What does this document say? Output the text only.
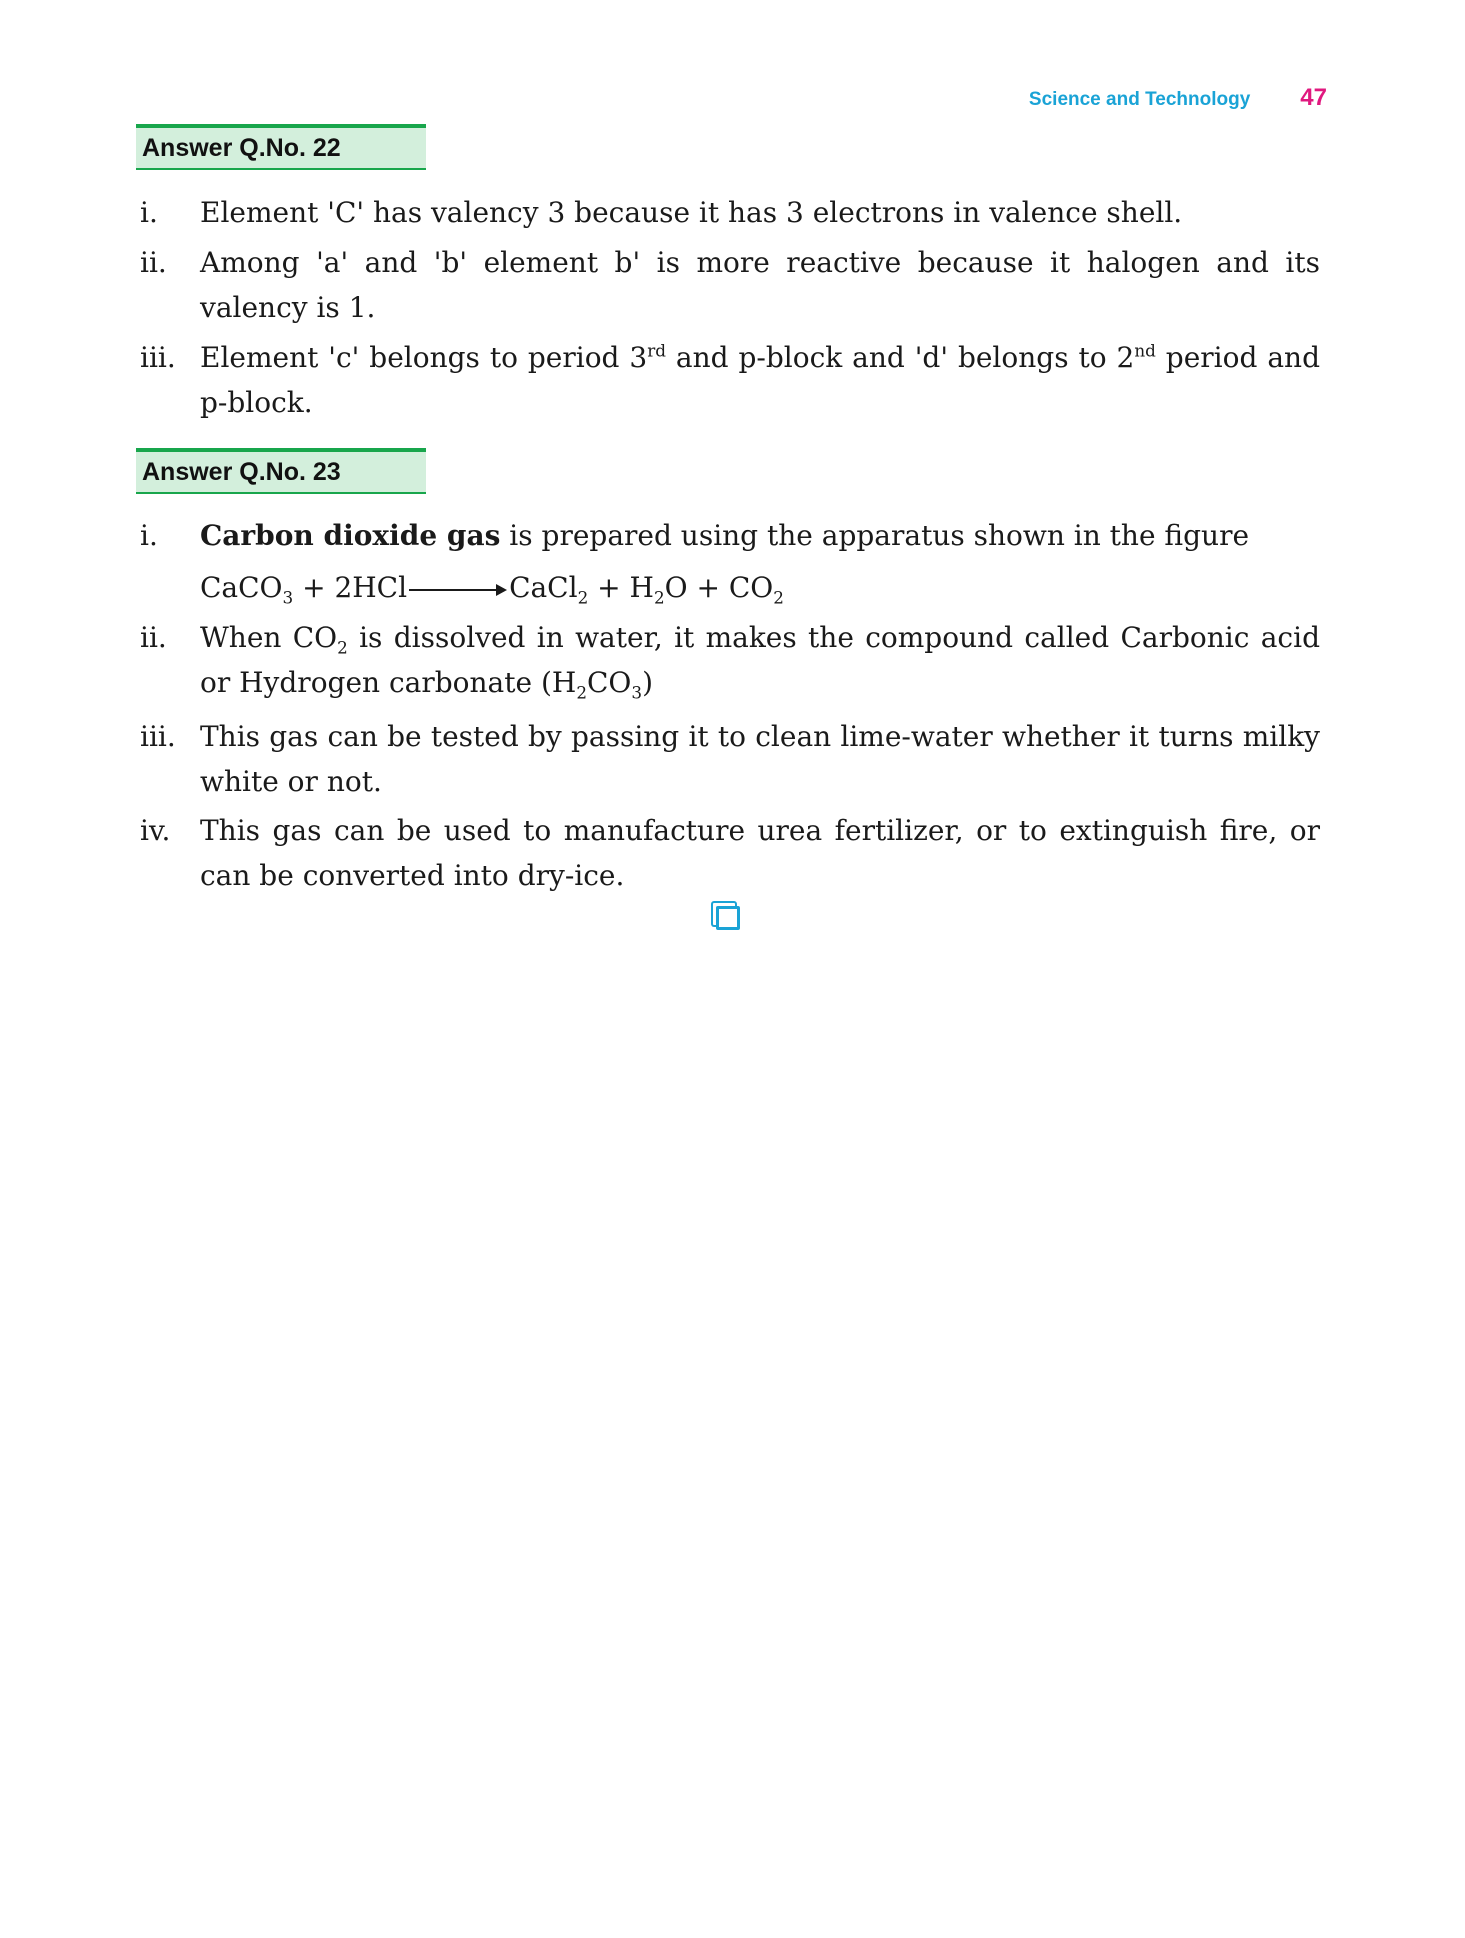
Science and Technology 47
Answer Q.No. 22
i. Element 'C' has valency 3 because it has 3 electrons in valence shell.
ii. Among 'a' and 'b' element b' is more reactive because it halogen and its valency is 1.
iii. Element 'c' belongs to period 3rd and p-block and 'd' belongs to 2nd period and p-block.
Answer Q.No. 23
i. Carbon dioxide gas is prepared using the apparatus shown in the figure
CaCO$_3$ + 2HCl	CaCl$_2$ + $H_2O + CO_2$
ii. When $CO_2$ is dissolved in water, it makes the compound called Carbonic acid or Hydrogen carbonate $(H_2CO_3)$
iii. This gas can be tested by passing it to clean lime-water whether it turns milky white or not.
iv. This gas can be used to manufacture urea fertilizer, or to extinguish fire, or can be converted into dry-ice.
